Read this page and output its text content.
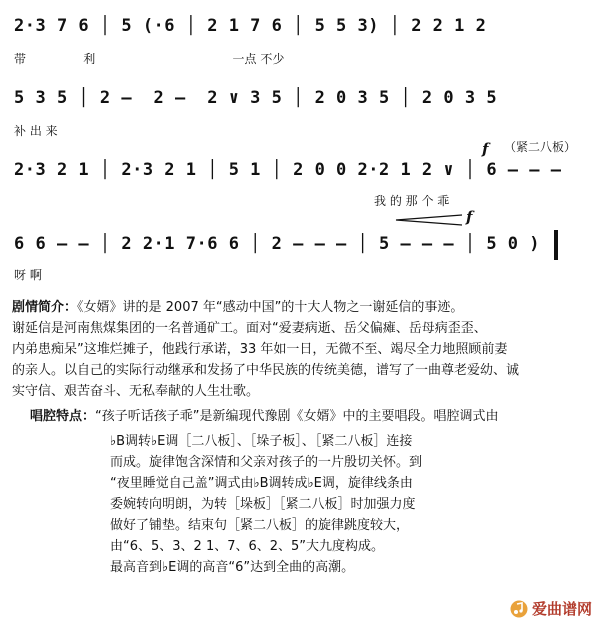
2·3 7 6 │ 5 (·6 │ 2 1 7 6 │ 5 5 3) │ 2 2 1 2
带               利                                    一点 不少
5 3 5 │ 2 —  2 —  2 ∨ 3 5 │ 2 0 3 5 │ 2 0 3 5
补 出 来
（紧二八板）
f
2·3 2 1 │ 2·3 2 1 │ 5 1 │ 2 0 0 2·2 1 2 ∨ │ 6 — — —
我 的 那 个 乖
f
6 6 — — │ 2 2·1 7·6 6 │ 2 — — — │ 5 — — — │ 5 0 )
呀 啊
剧情简介：《女婿》讲的是 2007 年“感动中国”的十大人物之一谢延信的事迹。
谢延信是河南焦煤集团的一名普通矿工。面对“爱妻病逝、岳父偏瘫、岳母病歪歪、
内弟患痴呆”这堆烂摊子，他践行承诺，33 年如一日，无微不至、竭尽全力地照顾前妻
的亲人。以自己的实际行动继承和发扬了中华民族的传统美德，谱写了一曲尊老爱幼、诚
实守信、艰苦奋斗、无私奉献的人生壮歌。
唱腔特点：“孩子听话孩子乖”是新编现代豫剧《女婿》中的主要唱段。唱腔调式由
♭B调转♭E调［二八板］、［垛子板］、［紧二八板］连接
而成。旋律饱含深情和父亲对孩子的一片殷切关怀。到
“夜里睡觉自己盖”调式由♭B调转成♭E调，旋律线条由
委婉转向明朗，为转［垛板］［紧二八板］时加强力度
做好了铺垫。结束句［紧二八板］的旋律跳度较大，
由“6、5、3、2 1、7、6、2、5”大九度构成。
最高音到♭E调的高音“6”达到全曲的高潮。
爱曲谱网
